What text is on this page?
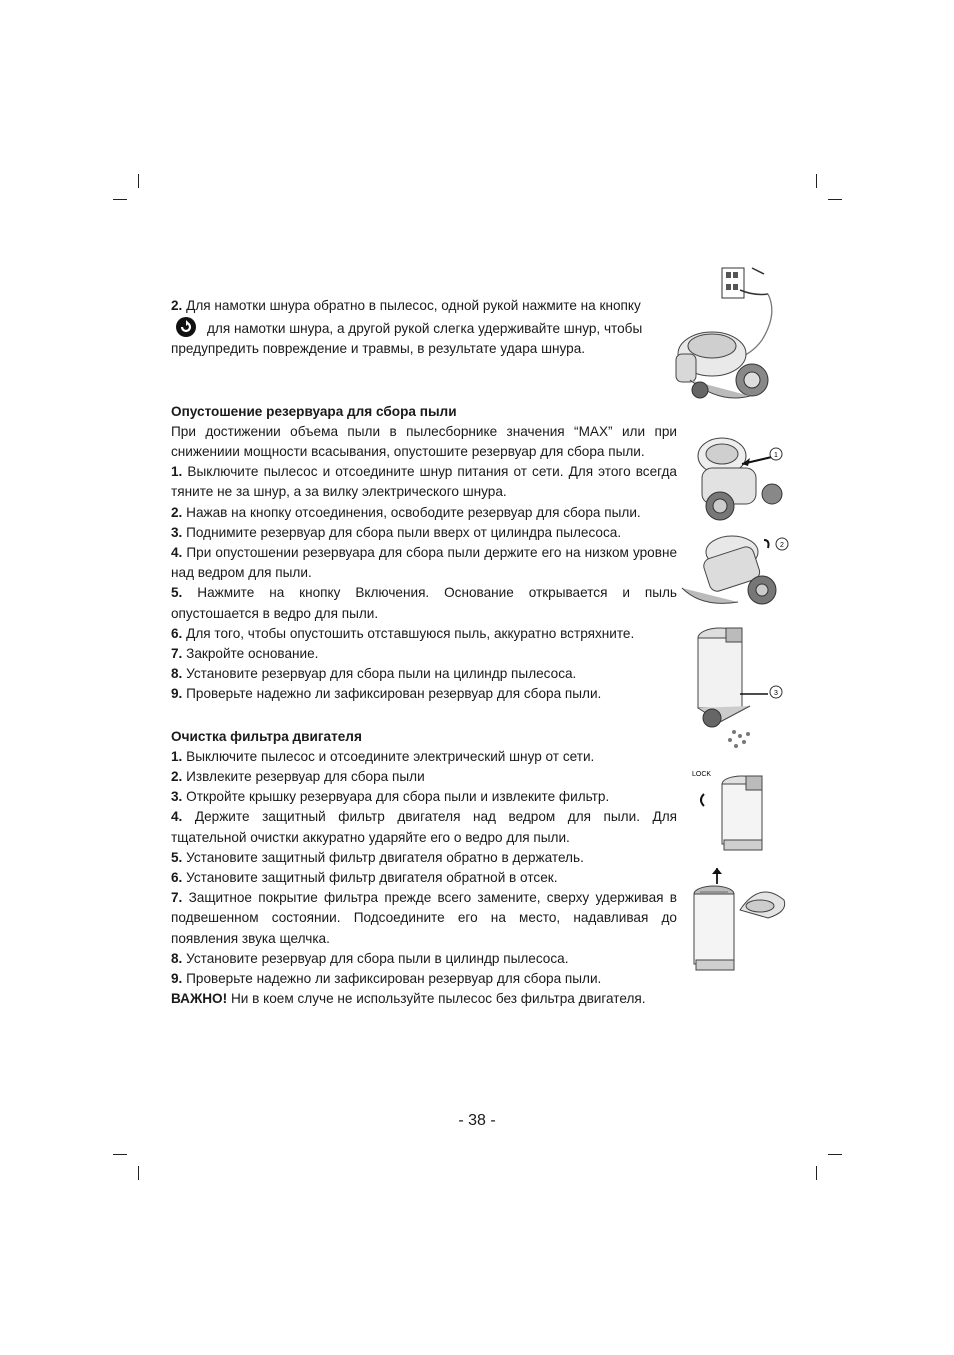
2. Для намотки шнура обратно в пылесос, одной рукой нажмите на кнопку

для намотки шнура, а другой рукой слегка удерживайте шнур, чтобы

предупредить повреждение и травмы, в результате удара шнура.

Опустошение резервуара для сбора пыли

При достижении объема пыли в пылесборнике значения “MAX” или при снижениии мощности всасывания, опустошите резервуар для сбора пыли.

1. Выключите пылесос и отсоедините шнур питания от сети. Для этого всегда тяните не за шнур, а за вилку электрического шнура.

2. Нажав на кнопку отсоединения, освободите резервуар для сбора пыли.

3. Поднимите резервуар для сбора пыли вверх от цилиндра пылесоса.

4. При опустошении резервуара для сбора пыли держите его на низком уровне над ведром для пыли.

5. Нажмите на кнопку Включения. Основание открывается и пыль опустошается в ведро для пыли.

6. Для того, чтобы опустошить отставшуюся пыль, аккуратно встряхните.

7. Закройте основание.

8. Установите резервуар для сбора пыли на цилиндр пылесоса.

9. Проверьте надежно ли зафиксирован резервуар для сбора пыли.

Очистка фильтра двигателя

1. Выключите пылесос и отсоедините электрический шнур от сети.

2. Извлеките резервуар для сбора пыли

3. Откройте крышку резервуара для сбора пыли и извлеките фильтр.

4. Держите защитный фильтр двигателя над ведром для пыли. Для тщательной очистки аккуратно ударяйте его о ведро для пыли.

5. Установите защитный фильтр двигателя обратно в держатель.

6. Установите защитный фильтр двигателя обратной в отсек.

7. Защитное покрытие фильтра прежде всего замените, сверху удерживая в подвешенном состоянии. Подсоедините его на место, надавливая до появления звука щелчка.

8. Установите резервуар для сбора пыли в цилиндр пылесоса.

9. Проверьте надежно ли зафиксирован резервуар для сбора пыли.

ВАЖНО! Ни в коем случе не используйте пылесос без фильтра двигателя.

1
2
3
LOCK
- 38 -
